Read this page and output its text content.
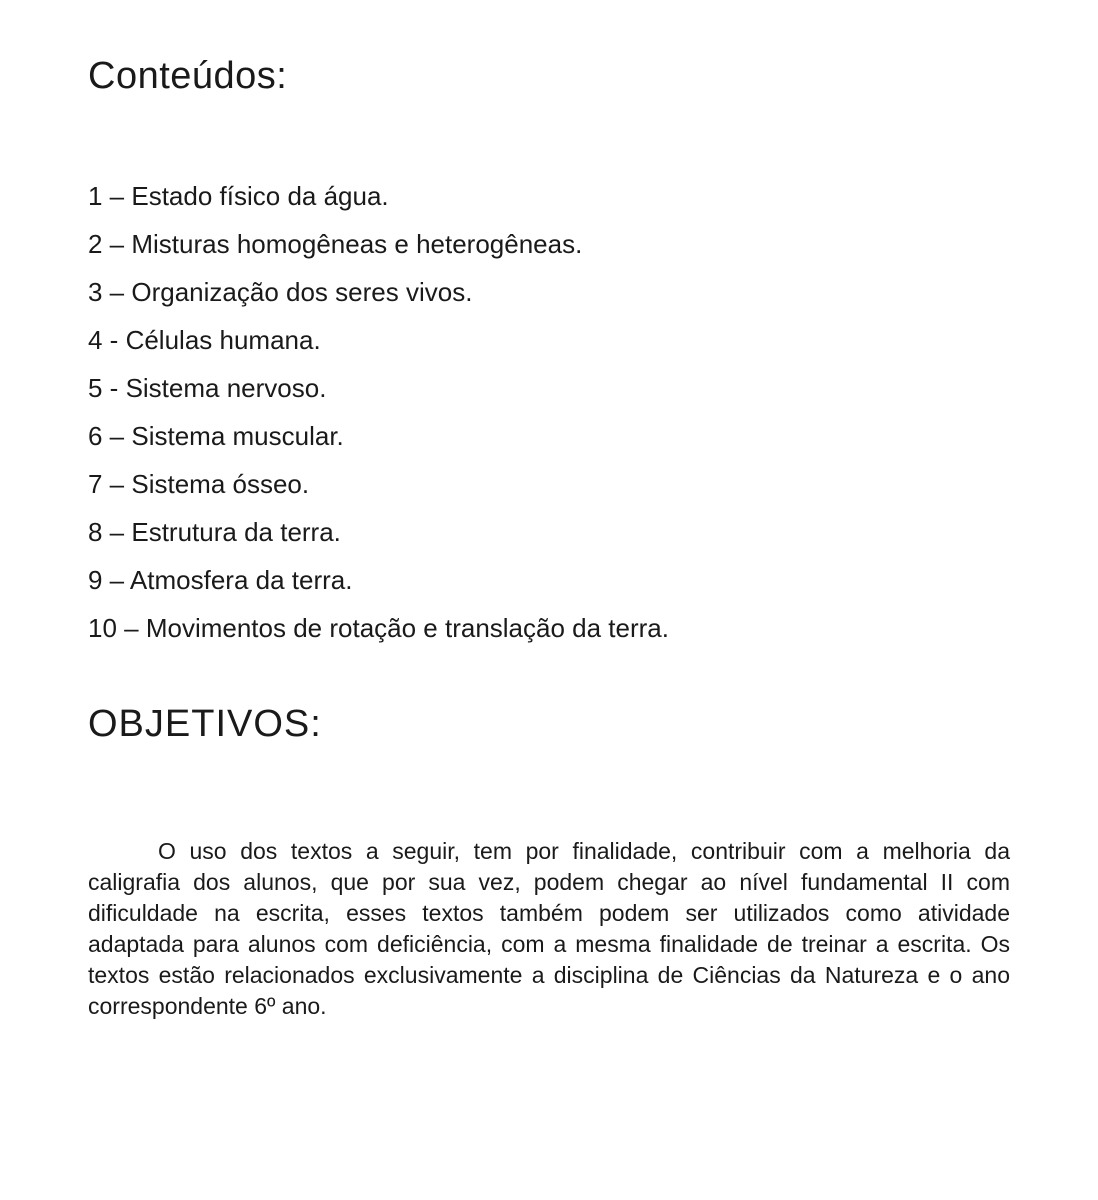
Conteúdos:
1 – Estado físico da água.
2 – Misturas homogêneas e heterogêneas.
3 – Organização dos seres vivos.
4 - Células humana.
5 - Sistema nervoso.
6 – Sistema muscular.
7 – Sistema ósseo.
8 – Estrutura da terra.
9 – Atmosfera da terra.
10 – Movimentos de rotação e translação da terra.
OBJETIVOS:

O uso dos textos a seguir, tem por finalidade, contribuir com a melhoria da caligrafia dos alunos, que por sua vez, podem chegar ao nível fundamental II com dificuldade na escrita, esses textos também podem ser utilizados como atividade adaptada para alunos com deficiência, com a mesma finalidade de treinar a escrita. Os textos estão relacionados exclusivamente a disciplina de Ciências da Natureza e o ano correspondente 6º ano.
